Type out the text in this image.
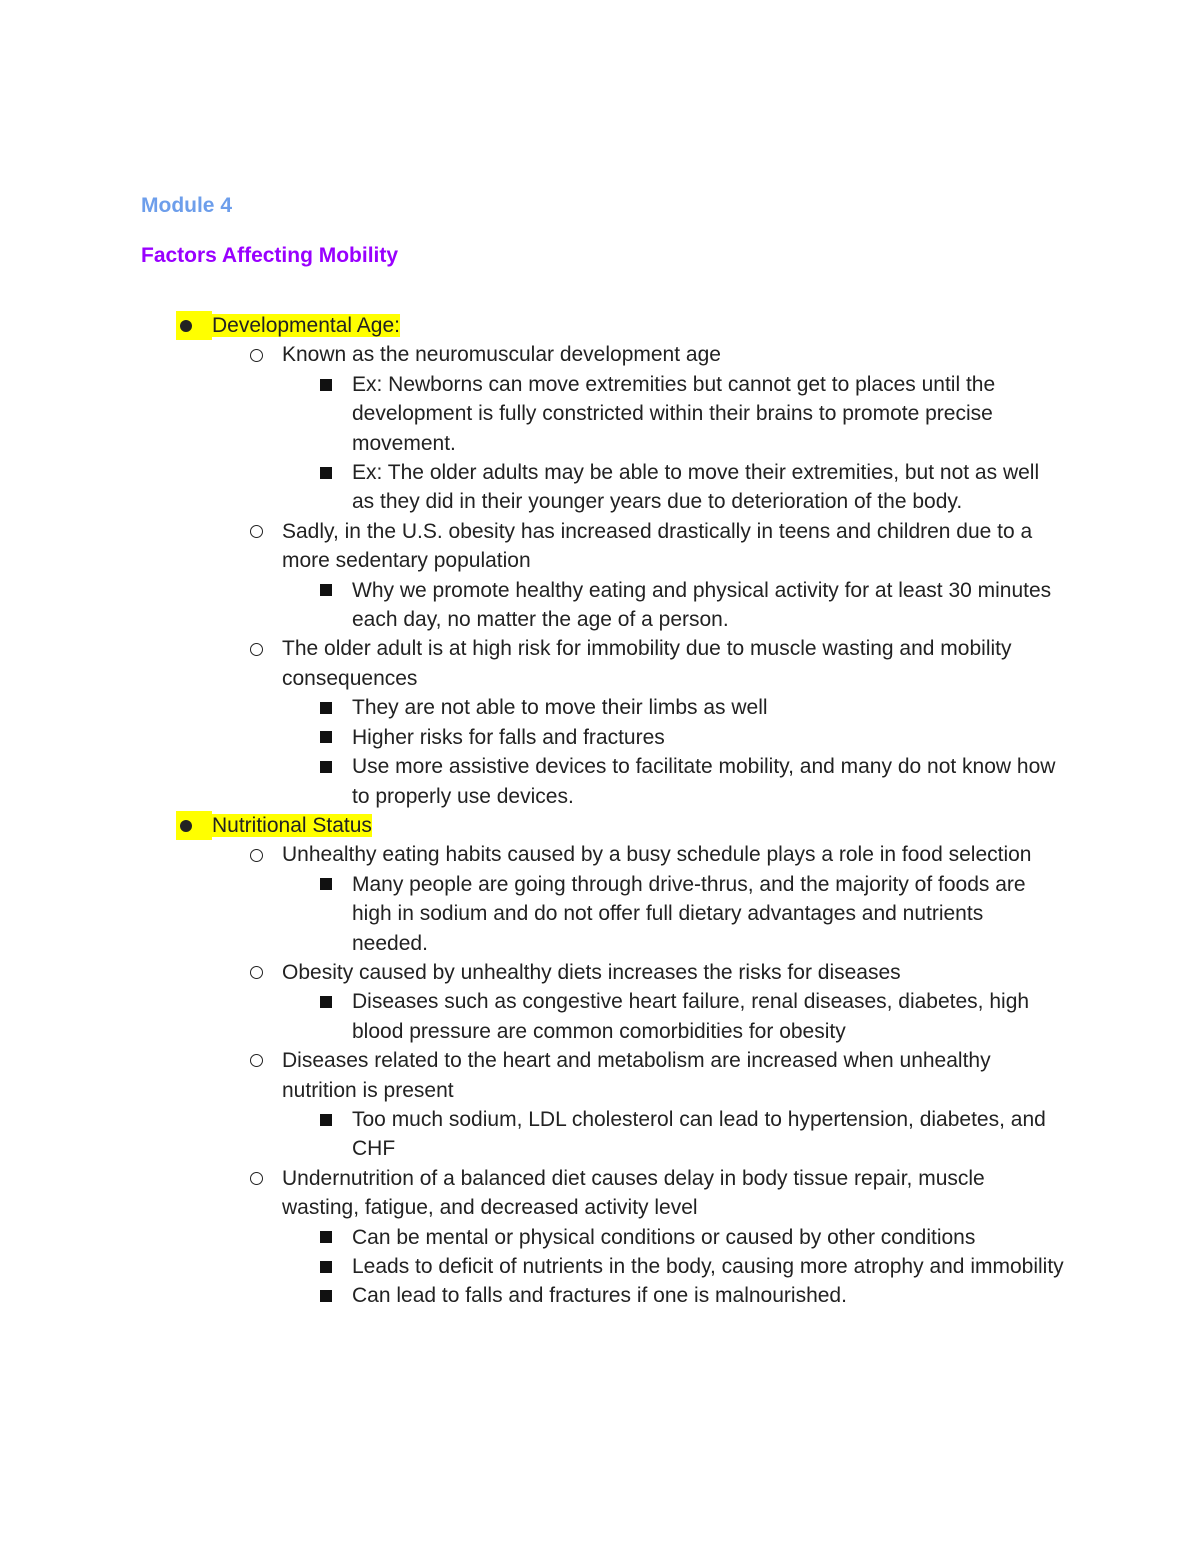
Module 4

Factors Affecting Mobility

Developmental Age:
Known as the neuromuscular development age
Ex: Newborns can move extremities but cannot get to places until the development is fully constricted within their brains to promote precise movement.
Ex: The older adults may be able to move their extremities, but not as well as they did in their younger years due to deterioration of the body.
Sadly, in the U.S. obesity has increased drastically in teens and children due to a more sedentary population
Why we promote healthy eating and physical activity for at least 30 minutes each day, no matter the age of a person.
The older adult is at high risk for immobility due to muscle wasting and mobility consequences
They are not able to move their limbs as well
Higher risks for falls and fractures
Use more assistive devices to facilitate mobility, and many do not know how to properly use devices.
Nutritional Status
Unhealthy eating habits caused by a busy schedule plays a role in food selection
Many people are going through drive-thrus, and the majority of foods are high in sodium and do not offer full dietary advantages and nutrients needed.
Obesity caused by unhealthy diets increases the risks for diseases
Diseases such as congestive heart failure, renal diseases, diabetes, high blood pressure are common comorbidities for obesity
Diseases related to the heart and metabolism are increased when unhealthy nutrition is present
Too much sodium, LDL cholesterol can lead to hypertension, diabetes, and CHF
Undernutrition of a balanced diet causes delay in body tissue repair, muscle wasting, fatigue, and decreased activity level
Can be mental or physical conditions or caused by other conditions
Leads to deficit of nutrients in the body, causing more atrophy and immobility
Can lead to falls and fractures if one is malnourished.
